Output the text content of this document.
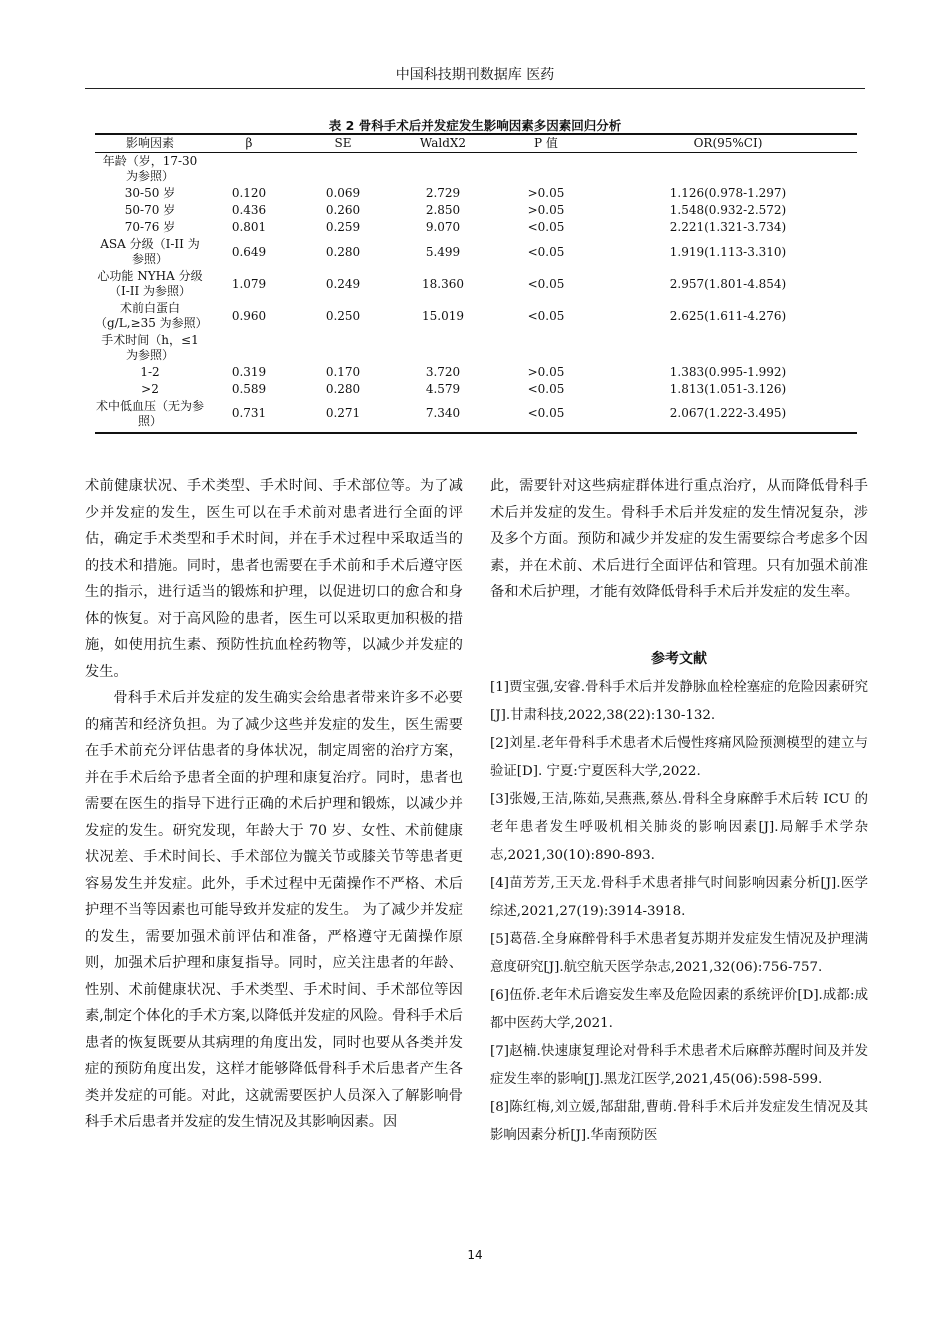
中国科技期刊数据库 医药
表 2 骨科手术后并发症发生影响因素多因素回归分析
影响因素	β	SE	WaldX2	P 值	OR(95%CI)
年龄（岁，17-30 为参照）					
30-50 岁	0.120	0.069	2.729	>0.05	1.126(0.978-1.297)
50-70 岁	0.436	0.260	2.850	>0.05	1.548(0.932-2.572)
70-76 岁	0.801	0.259	9.070	<0.05	2.221(1.321-3.734)
ASA 分级（I-II 为参照）	0.649	0.280	5.499	<0.05	1.919(1.113-3.310)
心功能 NYHA 分级（I-II 为参照）	1.079	0.249	18.360	<0.05	2.957(1.801-4.854)
术前白蛋白（g/L,≥35 为参照）	0.960	0.250	15.019	<0.05	2.625(1.611-4.276)
手术时间（h，≤1 为参照）					
1-2	0.319	0.170	3.720	>0.05	1.383(0.995-1.992)
>2	0.589	0.280	4.579	<0.05	1.813(1.051-3.126)
术中低血压（无为参照）	0.731	0.271	7.340	<0.05	2.067(1.222-3.495)

术前健康状况、手术类型、手术时间、手术部位等。为了减少并发症的发生，医生可以在手术前对患者进行全面的评估，确定手术类型和手术时间，并在手术过程中采取适当的的技术和措施。同时，患者也需要在手术前和手术后遵守医生的指示，进行适当的锻炼和护理，以促进切口的愈合和身体的恢复。对于高风险的患者，医生可以采取更加积极的措施，如使用抗生素、预防性抗血栓药物等，以减少并发症的发生。

骨科手术后并发症的发生确实会给患者带来许多不必要的痛苦和经济负担。为了减少这些并发症的发生，医生需要在手术前充分评估患者的身体状况，制定周密的治疗方案，并在手术后给予患者全面的护理和康复治疗。同时，患者也需要在医生的指导下进行正确的术后护理和锻炼，以减少并发症的发生。研究发现，年龄大于 70 岁、女性、术前健康状况差、手术时间长、手术部位为髋关节或膝关节等患者更容易发生并发症。此外，手术过程中无菌操作不严格、术后护理不当等因素也可能导致并发症的发生。 为了减少并发症的发生，需要加强术前评估和准备，严格遵守无菌操作原则，加强术后护理和康复指导。同时，应关注患者的年龄、性别、术前健康状况、手术类型、手术时间、手术部位等因素,制定个体化的手术方案,以降低并发症的风险。骨科手术后患者的恢复既要从其病理的角度出发，同时也要从各类并发症的预防角度出发，这样才能够降低骨科手术后患者产生各类并发症的可能。对此，这就需要医护人员深入了解影响骨科手术后患者并发症的发生情况及其影响因素。因

此，需要针对这些病症群体进行重点治疗，从而降低骨科手术后并发症的发生。骨科手术后并发症的发生情况复杂，涉及多个方面。预防和减少并发症的发生需要综合考虑多个因素，并在术前、术后进行全面评估和管理。只有加强术前准备和术后护理，才能有效降低骨科手术后并发症的发生率。

参考文献

[1]贾宝强,安睿.骨科手术后并发静脉血栓栓塞症的危险因素研究[J].甘肃科技,2022,38(22):130-132.

[2]刘星.老年骨科手术患者术后慢性疼痛风险预测模型的建立与验证[D]. 宁夏:宁夏医科大学,2022.

[3]张嫚,王洁,陈茹,吴燕燕,蔡丛.骨科全身麻醉手术后转 ICU 的老年患者发生呼吸机相关肺炎的影响因素[J].局解手术学杂志,2021,30(10):890-893.

[4]苗芳芳,王天龙.骨科手术患者排气时间影响因素分析[J].医学综述,2021,27(19):3914-3918.

[5]葛蓓.全身麻醉骨科手术患者复苏期并发症发生情况及护理满意度研究[J].航空航天医学杂志,2021,32(06):756-757.

[6]伍侨.老年术后谵妄发生率及危险因素的系统评价[D].成都:成都中医药大学,2021.

[7]赵楠.快速康复理论对骨科手术患者术后麻醉苏醒时间及并发症发生率的影响[J].黑龙江医学,2021,45(06):598-599.

[8]陈红梅,刘立媛,郜甜甜,曹萌.骨科手术后并发症发生情况及其影响因素分析[J].华南预防医

14
